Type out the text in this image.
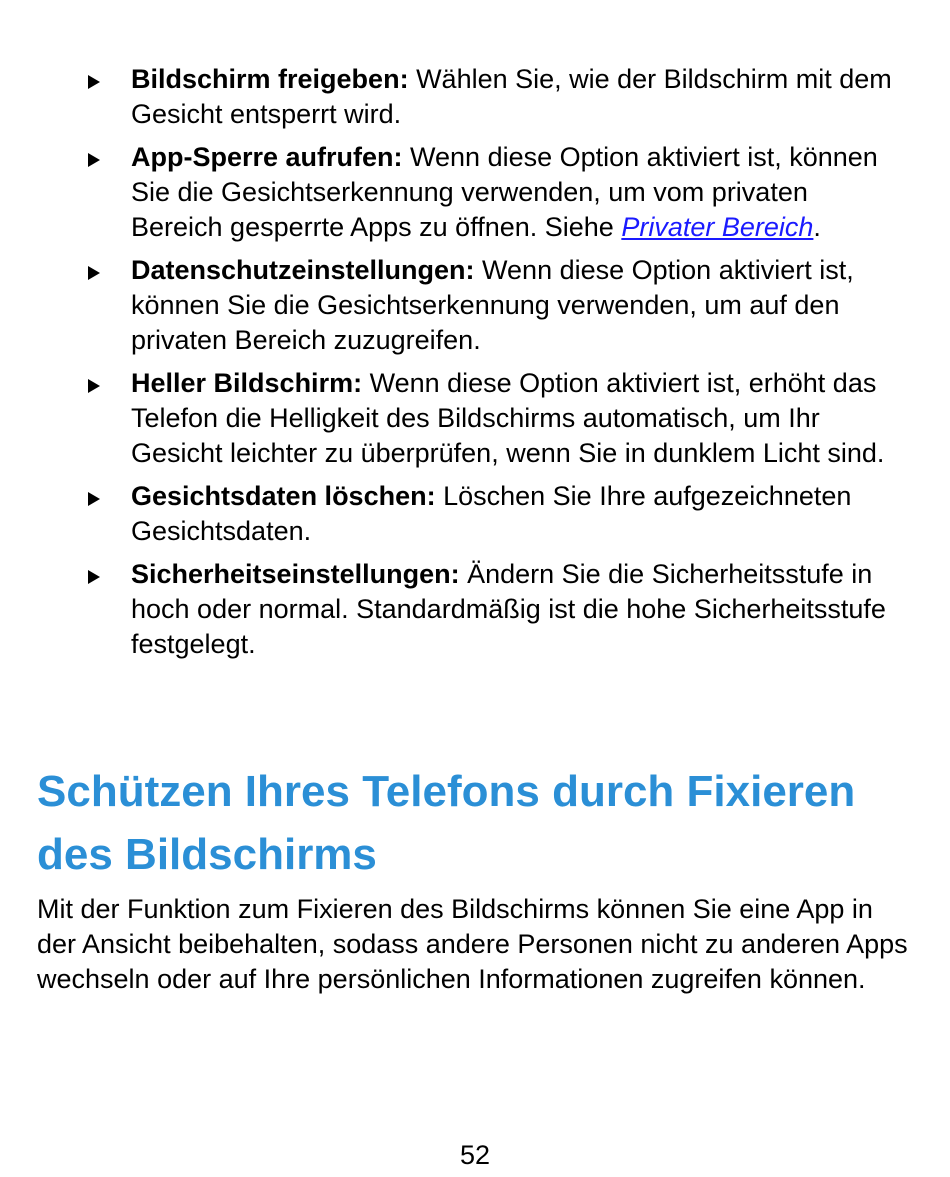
Bildschirm freigeben: Wählen Sie, wie der Bildschirm mit dem Gesicht entsperrt wird.
App-Sperre aufrufen: Wenn diese Option aktiviert ist, können Sie die Gesichtserkennung verwenden, um vom privaten Bereich gesperrte Apps zu öffnen. Siehe Privater Bereich.
Datenschutzeinstellungen: Wenn diese Option aktiviert ist, können Sie die Gesichtserkennung verwenden, um auf den privaten Bereich zuzugreifen.
Heller Bildschirm: Wenn diese Option aktiviert ist, erhöht das Telefon die Helligkeit des Bildschirms automatisch, um Ihr Gesicht leichter zu überprüfen, wenn Sie in dunklem Licht sind.
Gesichtsdaten löschen: Löschen Sie Ihre aufgezeichneten Gesichtsdaten.
Sicherheitseinstellungen: Ändern Sie die Sicherheitsstufe in hoch oder normal. Standardmäßig ist die hohe Sicherheitsstufe festgelegt.
Schützen Ihres Telefons durch Fixieren des Bildschirms

Mit der Funktion zum Fixieren des Bildschirms können Sie eine App in der Ansicht beibehalten, sodass andere Personen nicht zu anderen Apps wechseln oder auf Ihre persönlichen Informationen zugreifen können.

52
